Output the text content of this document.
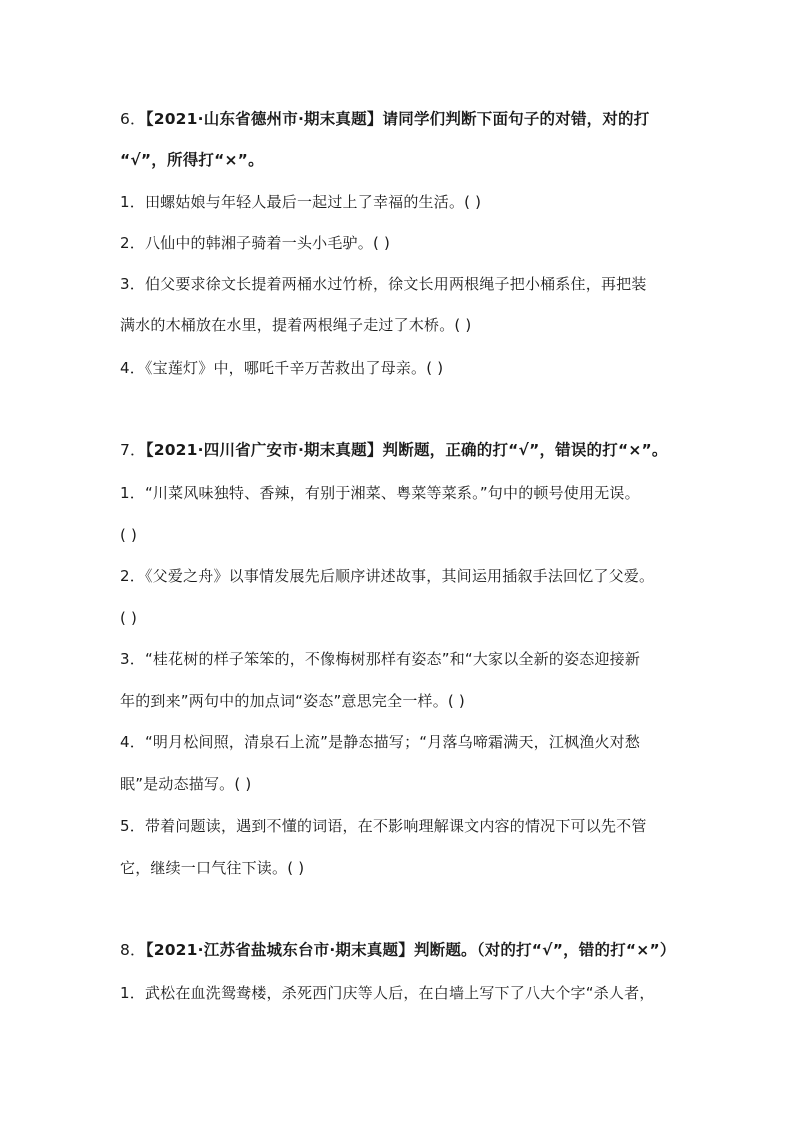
6．【2021·山东省德州市·期末真题】请同学们判断下面句子的对错，对的打
“√”，所得打“×”。
1．田螺姑娘与年轻人最后一起过上了幸福的生活。( )
2．八仙中的韩湘子骑着一头小毛驴。( )
3．伯父要求徐文长提着两桶水过竹桥，徐文长用两根绳子把小桶系住，再把装
满水的木桶放在水里，提着两根绳子走过了木桥。( )
4．《宝莲灯》中，哪吒千辛万苦救出了母亲。( )
7．【2021·四川省广安市·期末真题】判断题，正确的打“√”，错误的打“×”。
1．“川菜风味独特、香辣，有别于湘菜、粤菜等菜系。”句中的顿号使用无误。
( )
2．《父爱之舟》以事情发展先后顺序讲述故事，其间运用插叙手法回忆了父爱。
( )
3．“桂花树的样子笨笨的，不像梅树那样有姿态”和“大家以全新的姿态迎接新
年的到来”两句中的加点词“姿态”意思完全一样。( )
4．“明月松间照，清泉石上流”是静态描写；“月落乌啼霜满天，江枫渔火对愁
眠”是动态描写。( )
5．带着问题读，遇到不懂的词语，在不影响理解课文内容的情况下可以先不管
它，继续一口气往下读。( )
8．【2021·江苏省盐城东台市·期末真题】判断题。（对的打“√”，错的打“×”）
1．武松在血洗鸳鸯楼，杀死西门庆等人后，在白墙上写下了八大个字“杀人者，
